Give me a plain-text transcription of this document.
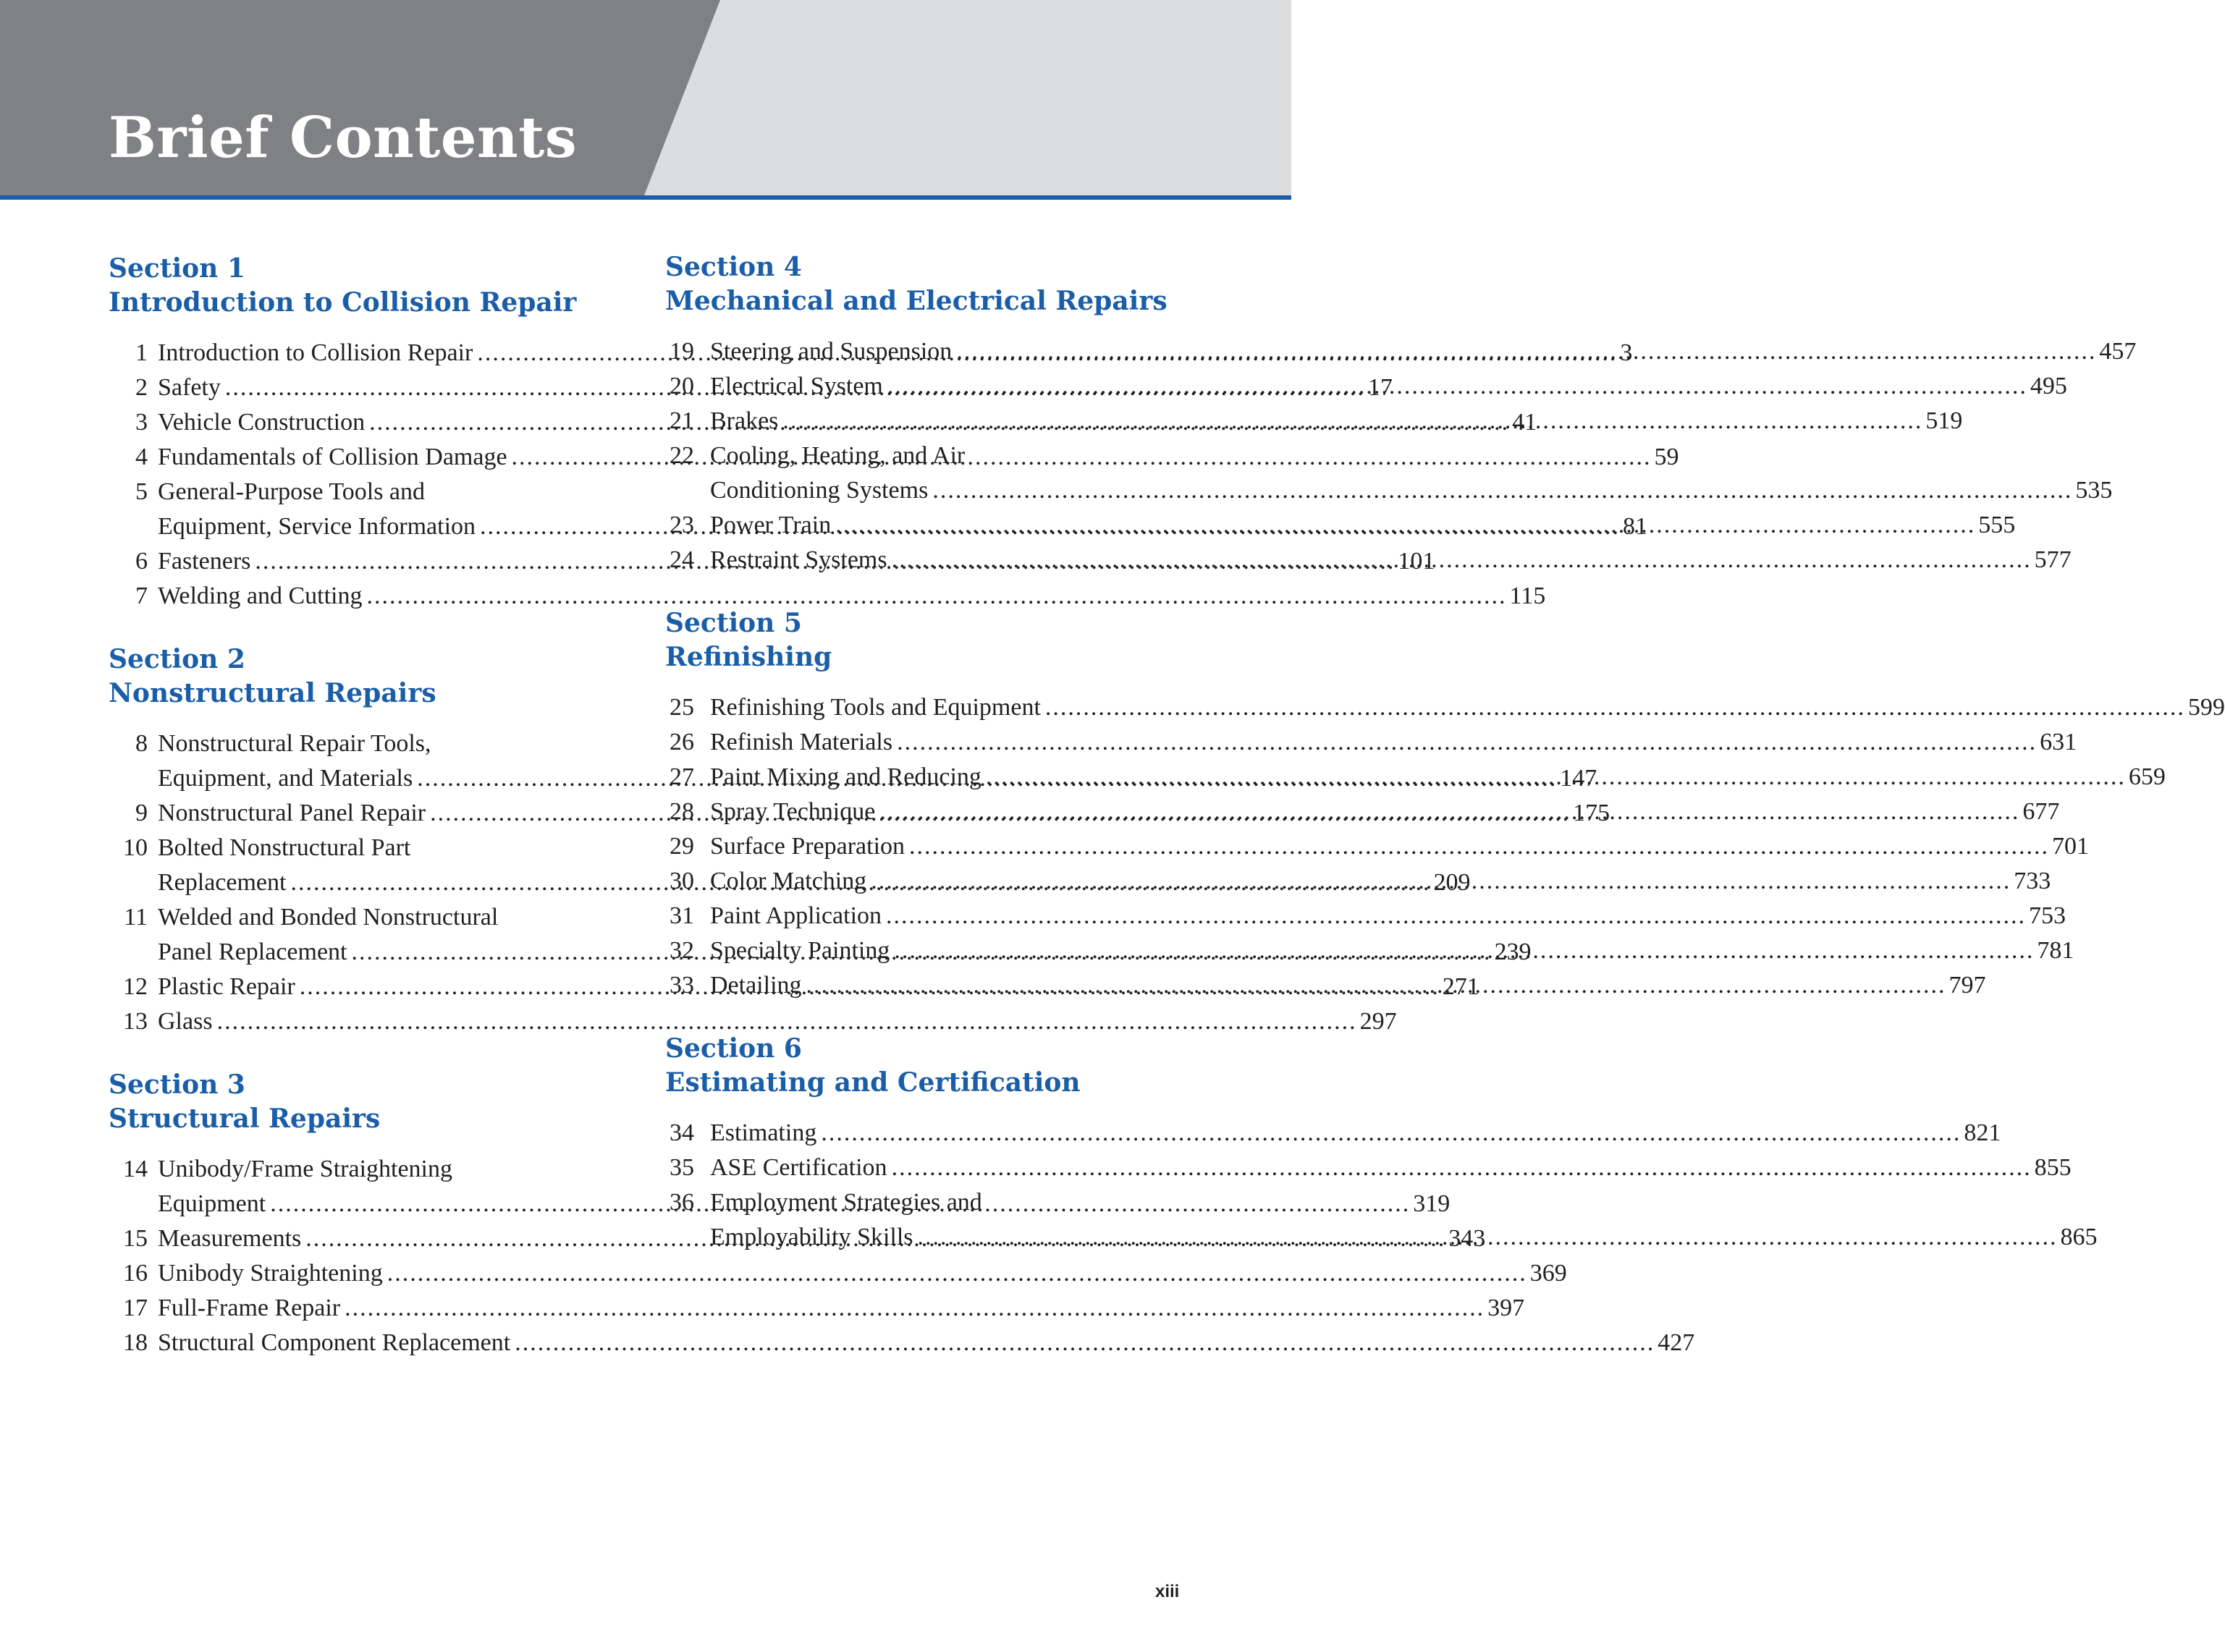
Brief Contents
Section 1
Introduction to Collision Repair
1 Introduction to Collision Repair .....	3
2 Safety .....	17
3 Vehicle Construction .....	41
4 Fundamentals of Collision Damage .....	59
5 General-Purpose Tools and
Equipment, Service Information .....	81
6 Fasteners .....	101
7 Welding and Cutting .....	115
Section 2
Nonstructural Repairs
8 Nonstructural Repair Tools,
Equipment, and Materials .....	147
9 Nonstructural Panel Repair .....	175
10 Bolted Nonstructural Part
Replacement .....	209
11 Welded and Bonded Nonstructural
Panel Replacement .....	239
12 Plastic Repair .....	271
13 Glass .....	297
Section 3
Structural Repairs
14 Unibody/Frame Straightening
Equipment .....	319
15 Measurements .....	343
16 Unibody Straightening .....	369
17 Full-Frame Repair .....	397
18 Structural Component Replacement .....	427
Section 4
Mechanical and Electrical Repairs
19 Steering and Suspension .....	457
20 Electrical System .....	495
21 Brakes .....	519
22 Cooling, Heating, and Air
Conditioning Systems .....	535
23 Power Train .....	555
24 Restraint Systems .....	577
Section 5
Refinishing
25 Refinishing Tools and Equipment .....	599
26 Refinish Materials .....	631
27 Paint Mixing and Reducing .....	659
28 Spray Technique .....	677
29 Surface Preparation .....	701
30 Color Matching .....	733
31 Paint Application .....	753
32 Specialty Painting .....	781
33 Detailing .....	797
Section 6
Estimating and Certification
34 Estimating .....	821
35 ASE Certification .....	855
36 Employment Strategies and
Employability Skills .....	865
xiii
